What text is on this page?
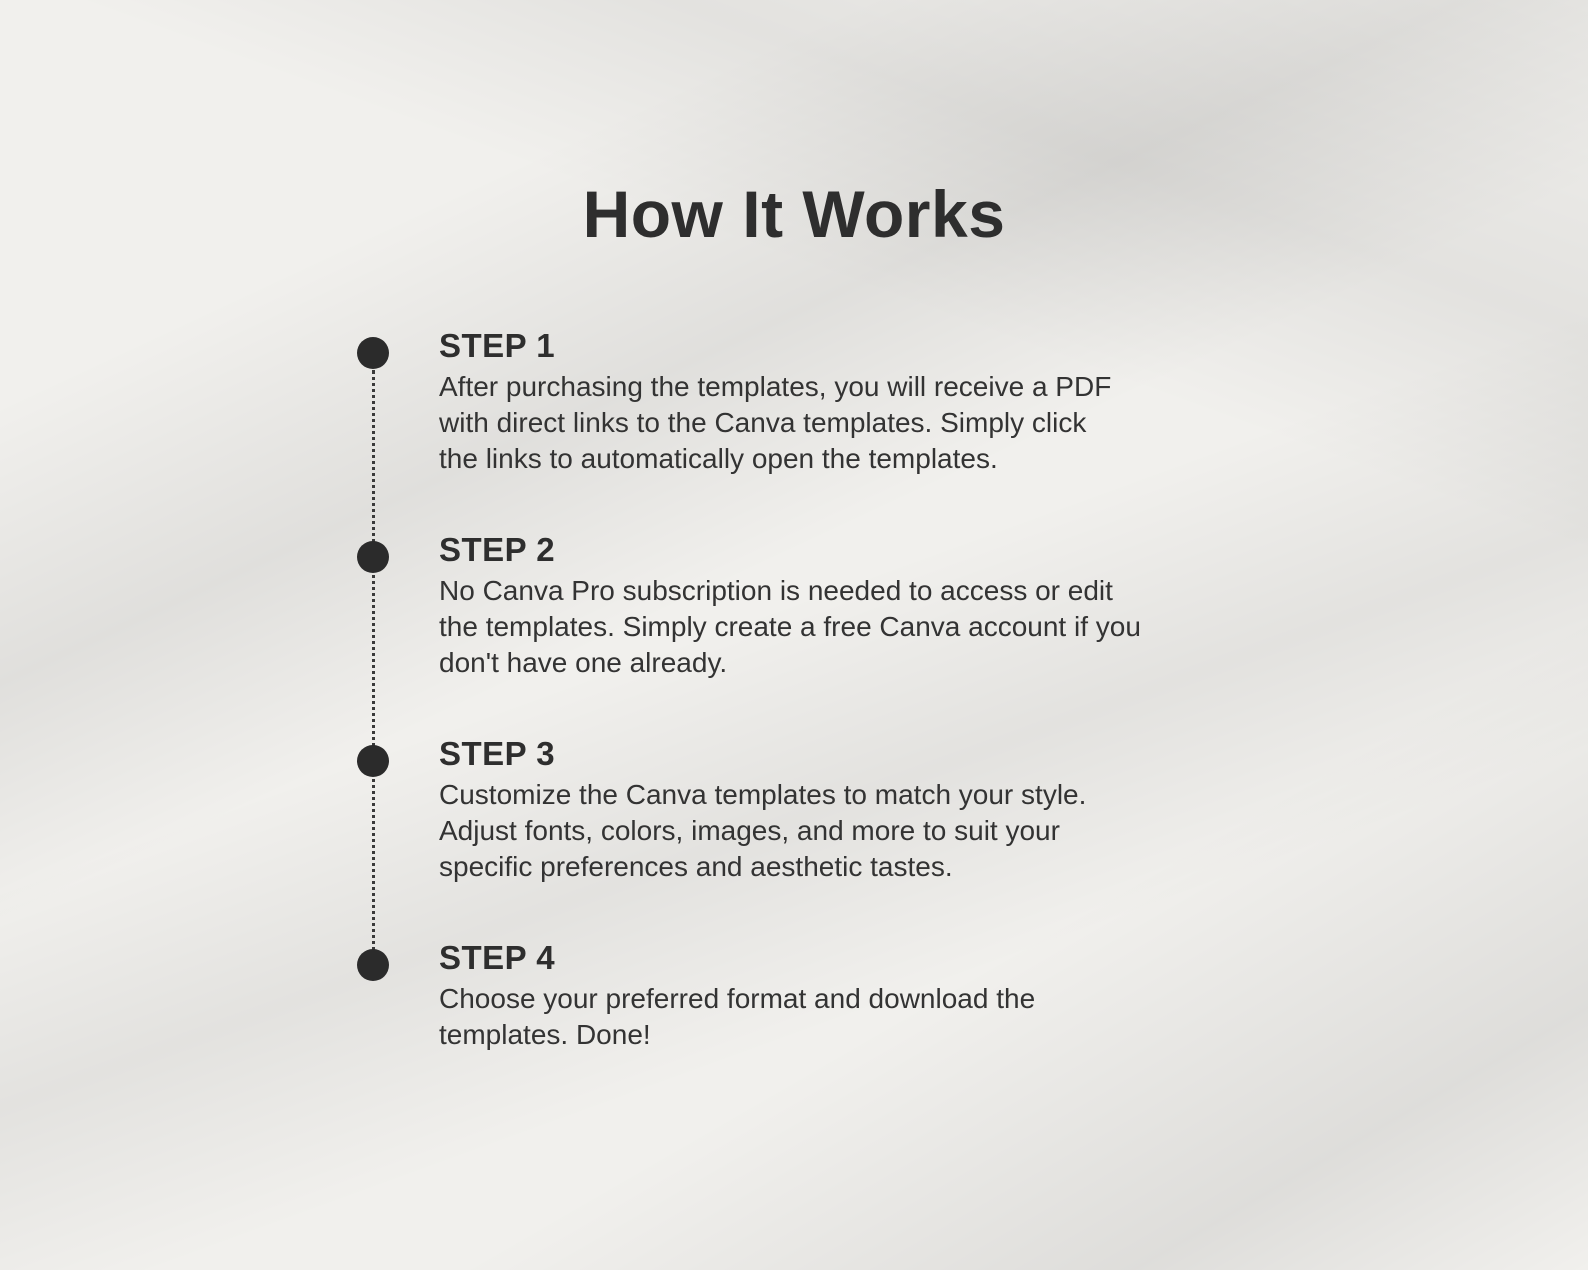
How It Works
STEP 1
After purchasing the templates, you will receive a PDF
with direct links to the Canva templates. Simply click
the links to automatically open the templates.
STEP 2
No Canva Pro subscription is needed to access or edit
the templates. Simply create a free Canva account if you
don't have one already.
STEP 3
Customize the Canva templates to match your style.
Adjust fonts, colors, images, and more to suit your
specific preferences and aesthetic tastes.
STEP 4
Choose your preferred format and download the
templates. Done!
